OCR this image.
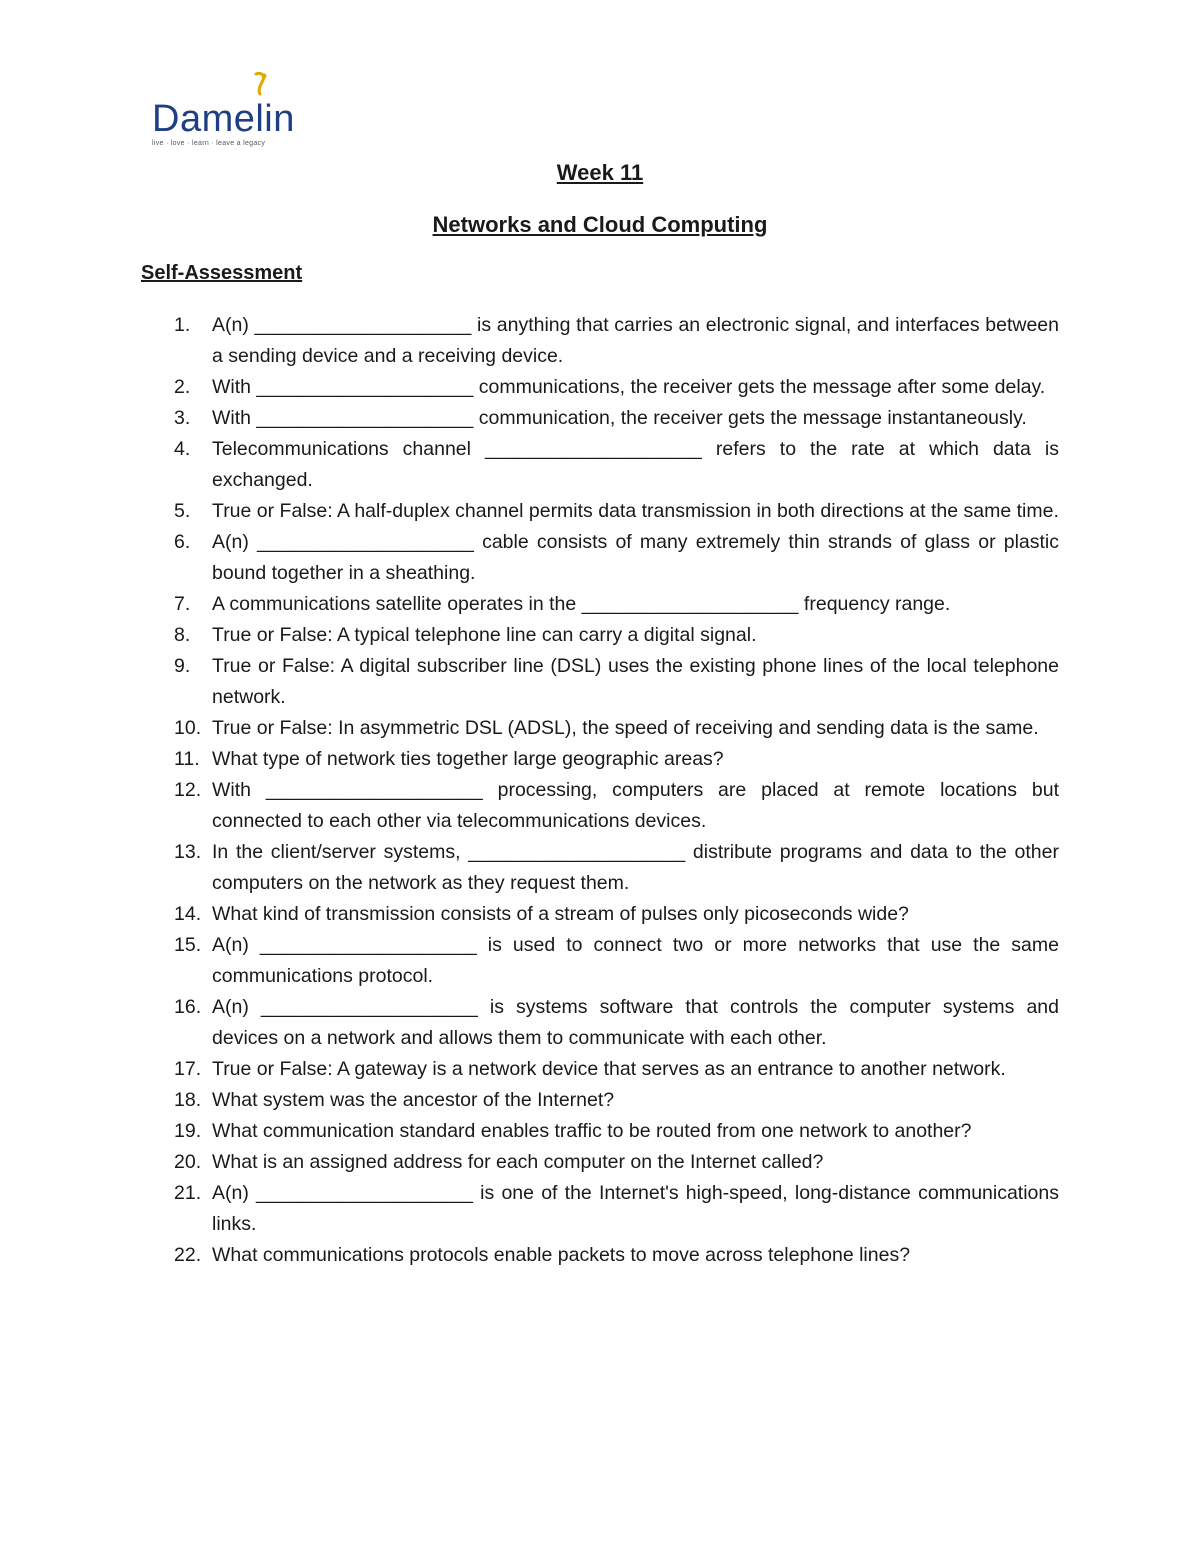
Damelin
live · love · learn · leave a legacy
Week 11
Networks and Cloud Computing
Self-Assessment
1.	A(n) ____________________ is anything that carries an electronic signal, and interfaces between a sending device and a receiving device.
2.	With ____________________ communications, the receiver gets the message after some delay.
3.	With ____________________ communication, the receiver gets the message instantaneously.
4.	Telecommunications channel ____________________ refers to the rate at which data is exchanged.
5.	True or False: A half-duplex channel permits data transmission in both directions at the same time.
6.	A(n) ____________________ cable consists of many extremely thin strands of glass or plastic bound together in a sheathing.
7.	A communications satellite operates in the ____________________ frequency range.
8.	True or False: A typical telephone line can carry a digital signal.
9.	True or False: A digital subscriber line (DSL) uses the existing phone lines of the local telephone network.
10. True or False: In asymmetric DSL (ADSL), the speed of receiving and sending data is the same.
11. What type of network ties together large geographic areas?
12. With ____________________ processing, computers are placed at remote locations but connected to each other via telecommunications devices.
13. In the client/server systems, ____________________ distribute programs and data to the other computers on the network as they request them.
14. What kind of transmission consists of a stream of pulses only picoseconds wide?
15. A(n) ____________________ is used to connect two or more networks that use the same communications protocol.
16. A(n) ____________________ is systems software that controls the computer systems and devices on a network and allows them to communicate with each other.
17. True or False: A gateway is a network device that serves as an entrance to another network.
18. What system was the ancestor of the Internet?
19. What communication standard enables traffic to be routed from one network to another?
20. What is an assigned address for each computer on the Internet called?
21. A(n) ____________________ is one of the Internet's high-speed, long-distance communications links.
22. What communications protocols enable packets to move across telephone lines?
